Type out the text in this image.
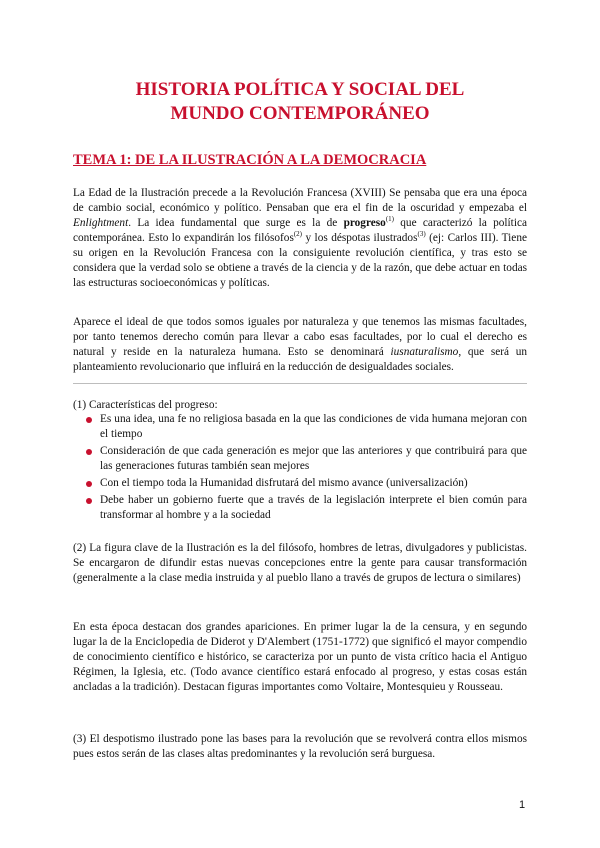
HISTORIA POLÍTICA Y SOCIAL DEL
MUNDO CONTEMPORÁNEO
TEMA 1: DE LA ILUSTRACIÓN A LA DEMOCRACIA

La Edad de la Ilustración precede a la Revolución Francesa (XVIII) Se pensaba que era una época de cambio social, económico y político. Pensaban que era el fin de la oscuridad y empezaba el Enlightment. La idea fundamental que surge es la de progreso$^{(1)}$ que caracterizó la política contemporánea. Esto lo expandirán los filósofos$^{(2)}$ y los déspotas ilustrados$^{(3)}$ (ej: Carlos III). Tiene su origen en la Revolución Francesa con la consiguiente revolución científica, y tras esto se considera que la verdad solo se obtiene a través de la ciencia y de la razón, que debe actuar en todas las estructuras socioeconómicas y políticas.

Aparece el ideal de que todos somos iguales por naturaleza y que tenemos las mismas facultades, por tanto tenemos derecho común para llevar a cabo esas facultades, por lo cual el derecho es natural y reside en la naturaleza humana. Esto se denominará iusnaturalismo, que será un planteamiento revolucionario que influirá en la reducción de desigualdades sociales.

(1) Características del progreso:
Es una idea, una fe no religiosa basada en la que las condiciones de vida humana mejoran con el tiempo
Consideración de que cada generación es mejor que las anteriores y que contribuirá para que las generaciones futuras también sean mejores
Con el tiempo toda la Humanidad disfrutará del mismo avance (universalización)
Debe haber un gobierno fuerte que a través de la legislación interprete el bien común para transformar al hombre y a la sociedad

(2) La figura clave de la Ilustración es la del filósofo, hombres de letras, divulgadores y publicistas. Se encargaron de difundir estas nuevas concepciones entre la gente para causar transformación (generalmente a la clase media instruida y al pueblo llano a través de grupos de lectura o similares)

En esta época destacan dos grandes apariciones. En primer lugar la de la censura, y en segundo lugar la de la Enciclopedia de Diderot y D'Alembert (1751-1772) que significó el mayor compendio de conocimiento científico e histórico, se caracteriza por un punto de vista crítico hacia el Antiguo Régimen, la Iglesia, etc. (Todo avance científico estará enfocado al progreso, y estas cosas están ancladas a la tradición). Destacan figuras importantes como Voltaire, Montesquieu y Rousseau.

(3) El despotismo ilustrado pone las bases para la revolución que se revolverá contra ellos mismos pues estos serán de las clases altas predominantes y la revolución será burguesa.

1
